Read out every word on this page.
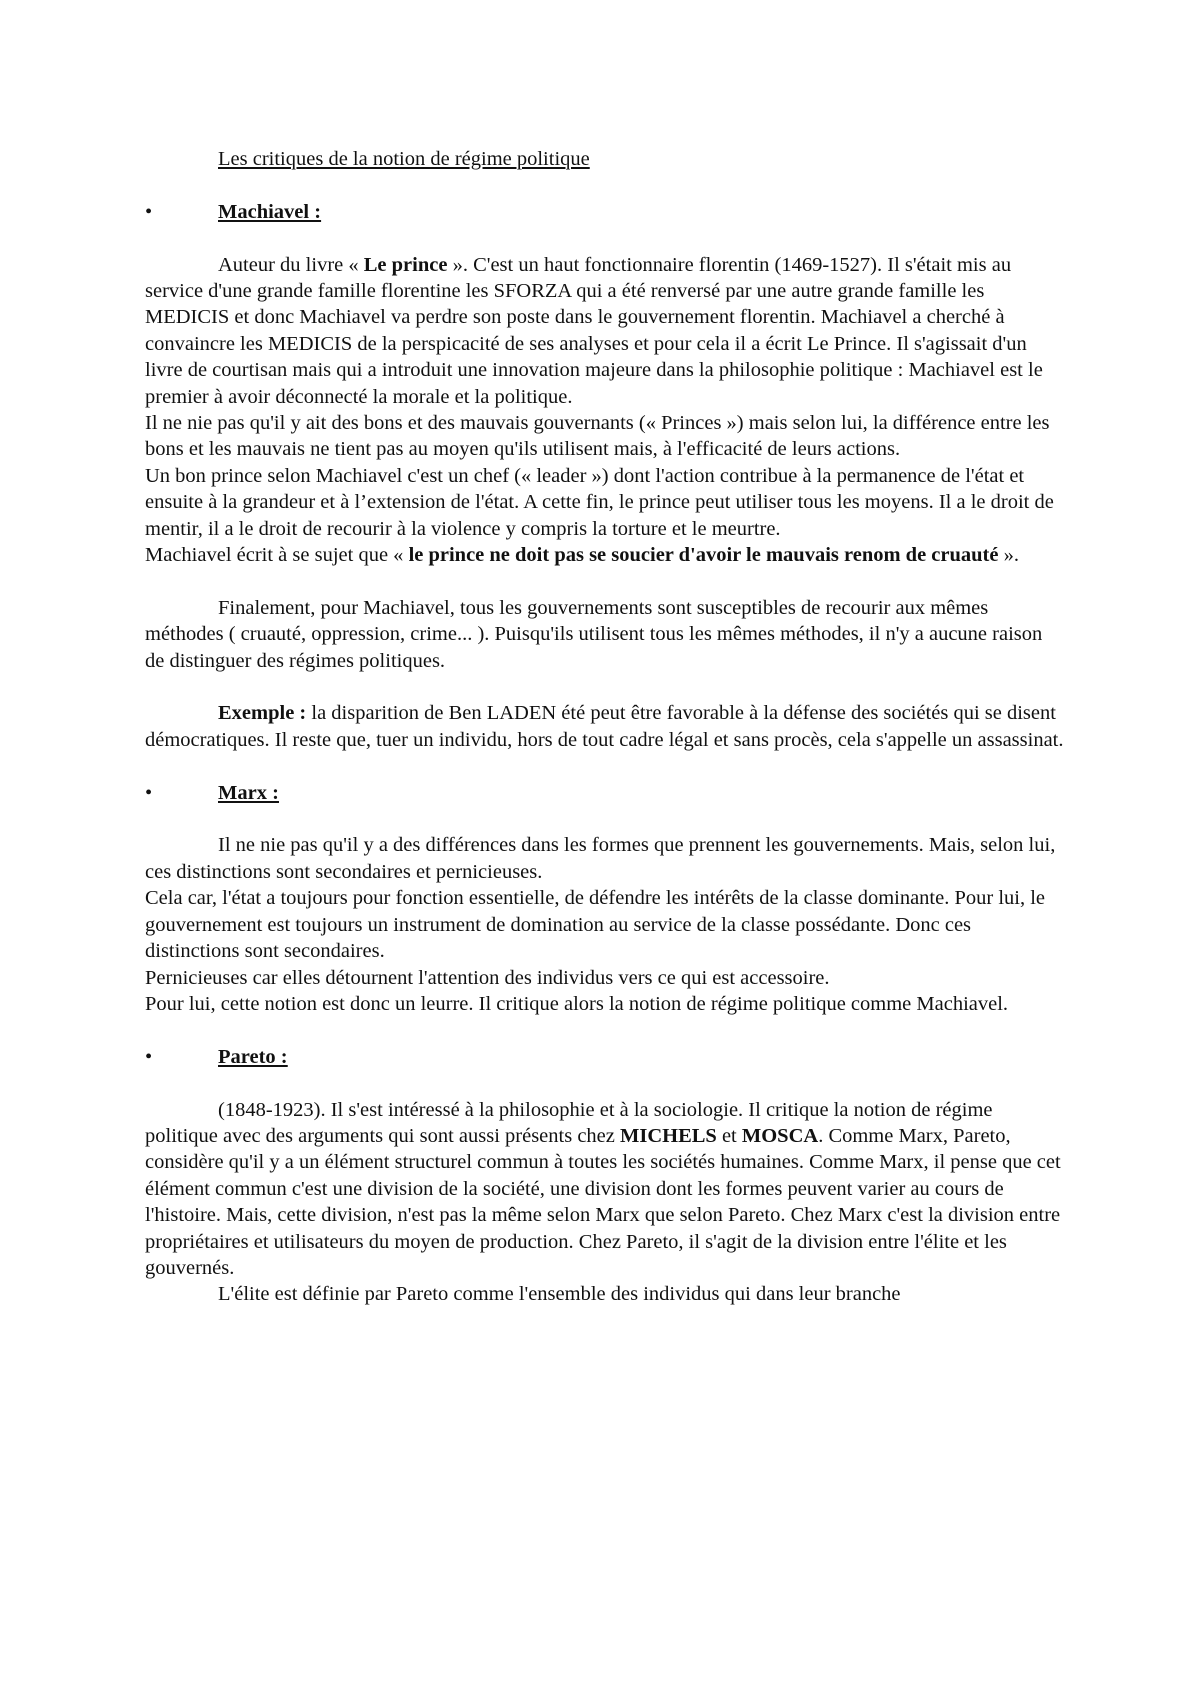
Les critiques de la notion de régime politique

•	Machiavel :

Auteur du livre « Le prince ». C'est un haut fonctionnaire florentin (1469-1527). Il s'était mis au service d'une grande famille florentine les SFORZA qui a été renversé par une autre grande famille les MEDICIS et donc Machiavel va perdre son poste dans le gouvernement florentin. Machiavel a cherché à convaincre les MEDICIS de la perspicacité de ses analyses et pour cela il a écrit Le Prince. Il s'agissait d'un livre de courtisan mais qui a introduit une innovation majeure dans la philosophie politique : Machiavel est le premier à avoir déconnecté la morale et la politique.

Il ne nie pas qu'il y ait des bons et des mauvais gouvernants (« Princes ») mais selon lui, la différence entre les bons et les mauvais ne tient pas au moyen qu'ils utilisent mais, à l'efficacité de leurs actions.

Un bon prince selon Machiavel c'est un chef (« leader ») dont l'action contribue à la permanence de l'état et ensuite à la grandeur et à l’extension de l'état. A cette fin, le prince peut utiliser tous les moyens. Il a le droit de mentir, il a le droit de recourir à la violence y compris la torture et le meurtre.

Machiavel écrit à se sujet que « le prince ne doit pas se soucier d'avoir le mauvais renom de cruauté ».

Finalement, pour Machiavel, tous les gouvernements sont susceptibles de recourir aux mêmes méthodes ( cruauté, oppression, crime... ). Puisqu'ils utilisent tous les mêmes méthodes, il n'y a aucune raison de distinguer des régimes politiques.

Exemple : la disparition de Ben LADEN été peut être favorable à la défense des sociétés qui se disent démocratiques. Il reste que, tuer un individu, hors de tout cadre légal et sans procès, cela s'appelle un assassinat.

•	Marx :

Il ne nie pas qu'il y a des différences dans les formes que prennent les gouvernements. Mais, selon lui, ces distinctions sont secondaires et pernicieuses.

Cela car, l'état a toujours pour fonction essentielle, de défendre les intérêts de la classe dominante. Pour lui, le gouvernement est toujours un instrument de domination au service de la classe possédante. Donc ces distinctions sont secondaires.

Pernicieuses car elles détournent l'attention des individus vers ce qui est accessoire.

Pour lui, cette notion est donc un leurre. Il critique alors la notion de régime politique comme Machiavel.

•	Pareto :

(1848-1923). Il s'est intéressé à la philosophie et à la sociologie. Il critique la notion de régime politique avec des arguments qui sont aussi présents chez MICHELS et MOSCA. Comme Marx, Pareto, considère qu'il y a un élément structurel commun à toutes les sociétés humaines. Comme Marx, il pense que cet élément commun c'est une division de la société, une division dont les formes peuvent varier au cours de l'histoire. Mais, cette division, n'est pas la même selon Marx que selon Pareto. Chez Marx c'est la division entre propriétaires et utilisateurs du moyen de production. Chez Pareto, il s'agit de la division entre l'élite et les gouvernés.

L'élite est définie par Pareto comme l'ensemble des individus qui dans leur branche
